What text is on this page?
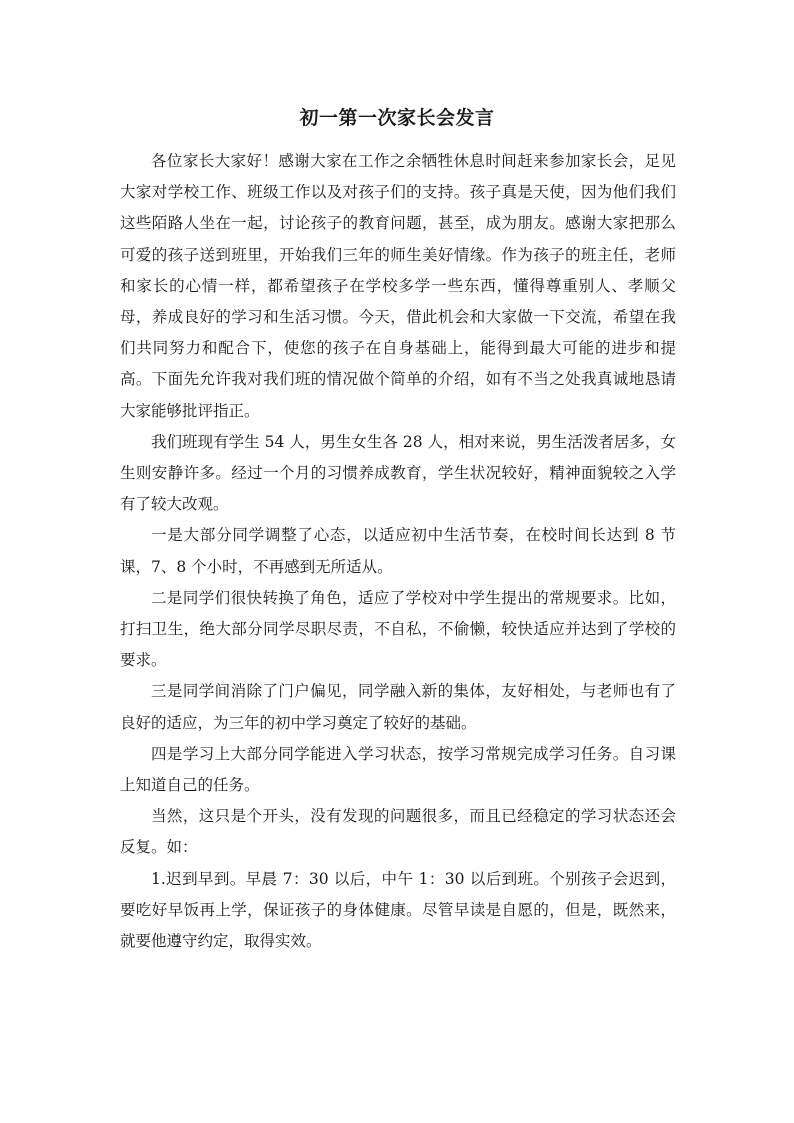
初一第一次家长会发言

各位家长大家好！感谢大家在工作之余牺牲休息时间赶来参加家长会，足见大家对学校工作、班级工作以及对孩子们的支持。孩子真是天使，因为他们我们这些陌路人坐在一起，讨论孩子的教育问题，甚至，成为朋友。感谢大家把那么可爱的孩子送到班里，开始我们三年的师生美好情缘。作为孩子的班主任，老师和家长的心情一样，都希望孩子在学校多学一些东西，懂得尊重别人、孝顺父母，养成良好的学习和生活习惯。今天，借此机会和大家做一下交流，希望在我们共同努力和配合下，使您的孩子在自身基础上，能得到最大可能的进步和提高。下面先允许我对我们班的情况做个简单的介绍，如有不当之处我真诚地恳请大家能够批评指正。

我们班现有学生 54 人，男生女生各 28 人，相对来说，男生活泼者居多，女生则安静许多。经过一个月的习惯养成教育，学生状况较好，精神面貌较之入学有了较大改观。

一是大部分同学调整了心态，以适应初中生活节奏，在校时间长达到 8 节课，7、8 个小时，不再感到无所适从。

二是同学们很快转换了角色，适应了学校对中学生提出的常规要求。比如，打扫卫生，绝大部分同学尽职尽责，不自私，不偷懒，较快适应并达到了学校的要求。

三是同学间消除了门户偏见，同学融入新的集体，友好相处，与老师也有了良好的适应，为三年的初中学习奠定了较好的基础。

四是学习上大部分同学能进入学习状态，按学习常规完成学习任务。自习课上知道自己的任务。

当然，这只是个开头，没有发现的问题很多，而且已经稳定的学习状态还会反复。如：

1.迟到早到。早晨 7：30 以后，中午 1：30 以后到班。个别孩子会迟到，要吃好早饭再上学，保证孩子的身体健康。尽管早读是自愿的，但是，既然来，就要他遵守约定，取得实效。
